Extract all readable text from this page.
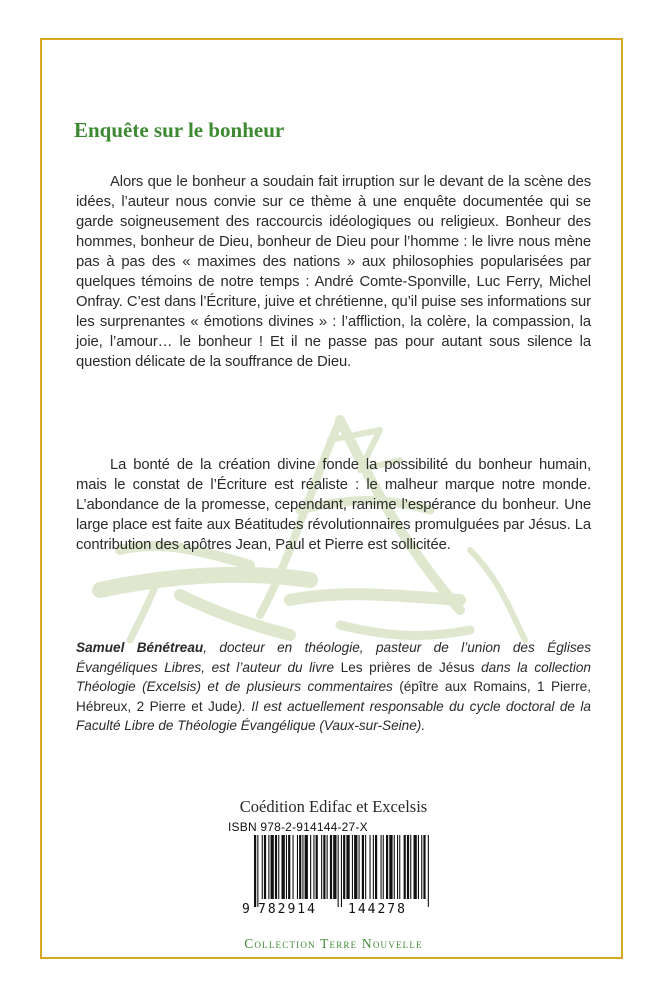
Enquête sur le bonheur

Alors que le bonheur a soudain fait irruption sur le devant de la scène des idées, l’auteur nous convie sur ce thème à une enquête documentée qui se garde soigneusement des raccourcis idéologiques ou religieux. Bonheur des hommes, bonheur de Dieu, bonheur de Dieu pour l’homme : le livre nous mène pas à pas des « maximes des nations » aux philosophies popularisées par quelques témoins de notre temps : André Comte-Sponville, Luc Ferry, Michel Onfray. C’est dans l’Écriture, juive et chrétienne, qu’il puise ses informations sur les surprenantes « émotions divines » : l’affliction, la colère, la compassion, la joie, l’amour… le bonheur ! Et il ne passe pas pour autant sous silence la question délicate de la souffrance de Dieu.

La bonté de la création divine fonde la possibilité du bonheur humain, mais le constat de l’Écriture est réaliste : le malheur marque notre monde. L’abondance de la promesse, cependant, ranime l’espérance du bonheur. Une large place est faite aux Béatitudes révolutionnaires promulguées par Jésus. La contribution des apôtres Jean, Paul et Pierre est sollicitée.

Samuel Bénétreau, docteur en théologie, pasteur de l’union des Églises Évangéliques Libres, est l’auteur du livre Les prières de Jésus dans la collection Théologie (Excelsis) et de plusieurs commentaires (épître aux Romains, 1 Pierre, Hébreux, 2 Pierre et Jude). Il est actuellement responsable du cycle doctoral de la Faculté Libre de Théologie Évangélique (Vaux-sur-Seine).

Coédition Edifac et Excelsis
ISBN 978-2-914144-27-X
9 782914 144278
Collection Terre Nouvelle
